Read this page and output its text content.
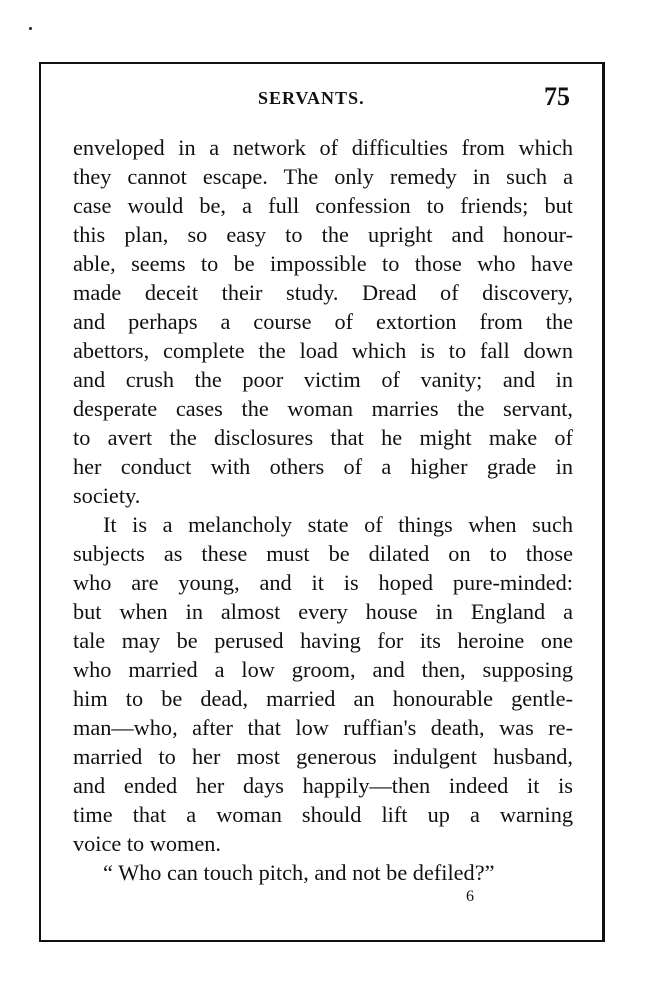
SERVANTS.	75
enveloped in a network of difficulties from which
they cannot escape. The only remedy in such a
case would be, a full confession to friends; but
this plan, so easy to the upright and honour-
able, seems to be impossible to those who have
made deceit their study. Dread of discovery,
and perhaps a course of extortion from the
abettors, complete the load which is to fall down
and crush the poor victim of vanity; and in
desperate cases the woman marries the servant,
to avert the disclosures that he might make of
her conduct with others of a higher grade in
society.
It is a melancholy state of things when such
subjects as these must be dilated on to those
who are young, and it is hoped pure-minded:
but when in almost every house in England a
tale may be perused having for its heroine one
who married a low groom, and then, supposing
him to be dead, married an honourable gentle-
man—who, after that low ruffian's death, was re-
married to her most generous indulgent husband,
and ended her days happily—then indeed it is
time that a woman should lift up a warning
voice to women.
“ Who can touch pitch, and not be defiled?”
6
